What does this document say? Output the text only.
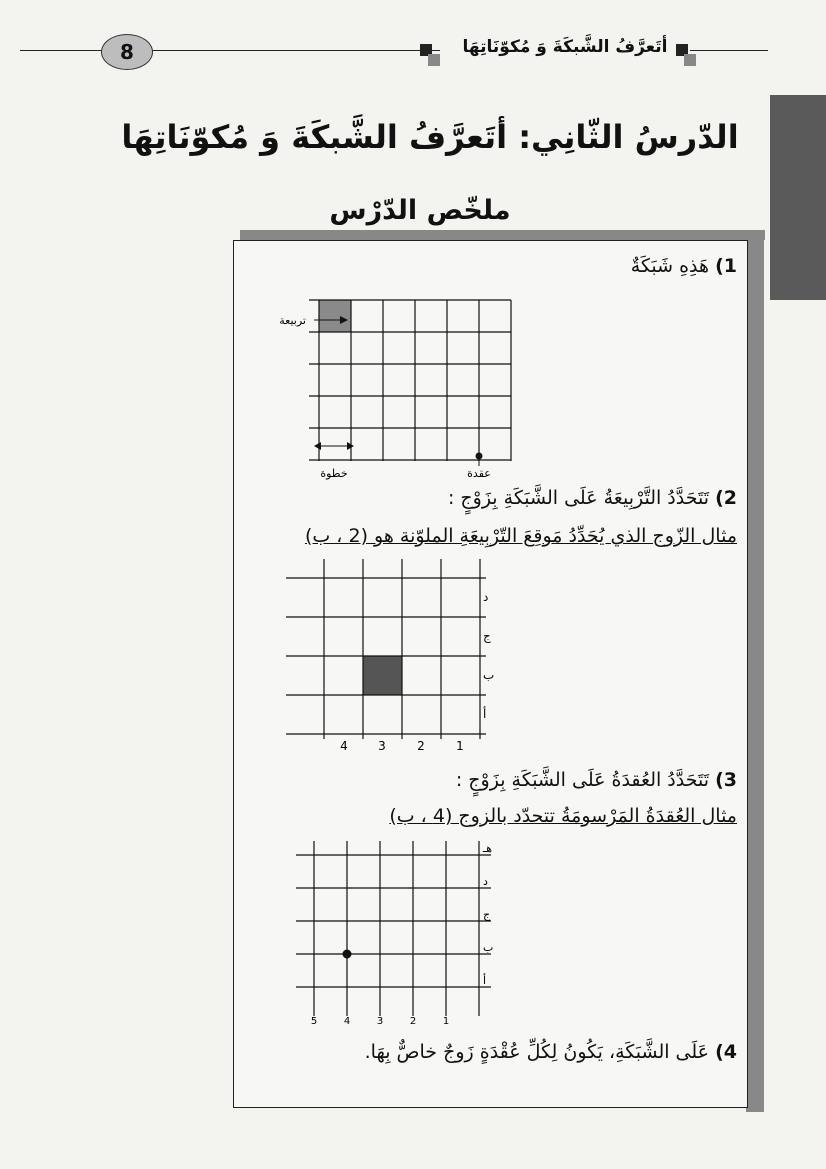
8	أتَعرَّفُ الشَّبكَةَ وَ مُكوّنَاتِهَا
الدّرسُ الثّانِي: أتَعرَّفُ الشَّبكَةَ وَ مُكوّنَاتِهَا
ملخّص الدّرْس
1) هَذِهِ شَبَكَةٌ
تربيعة
خطوة	عقدة
2) تَتَحَدَّدُ التَّرْبِيعَةُ عَلَى الشَّبَكَةِ بِزَوْجٍ :
مثال الزّوج الذي يُحَدِّدُ مَوقِعَ التّرْبِيعَةِ الملوّنة هو (2 ، ب)
4	3	2	1
د
ج
ب
أ
3) تَتَحَدَّدُ العُقدَةُ عَلَى الشَّبَكَةِ بِزَوْجٍ :
مثال العُقدَةُ المَرْسومَةُ تتحدّد بالزوج (4 ، ب)
5	4	3	2	1
هـ
د
ج
ب
أ
4) عَلَى الشَّبَكَةِ، يَكُونُ لِكُلِّ عُقْدَةٍ زَوجٌ خاصٌّ بِهَا.
